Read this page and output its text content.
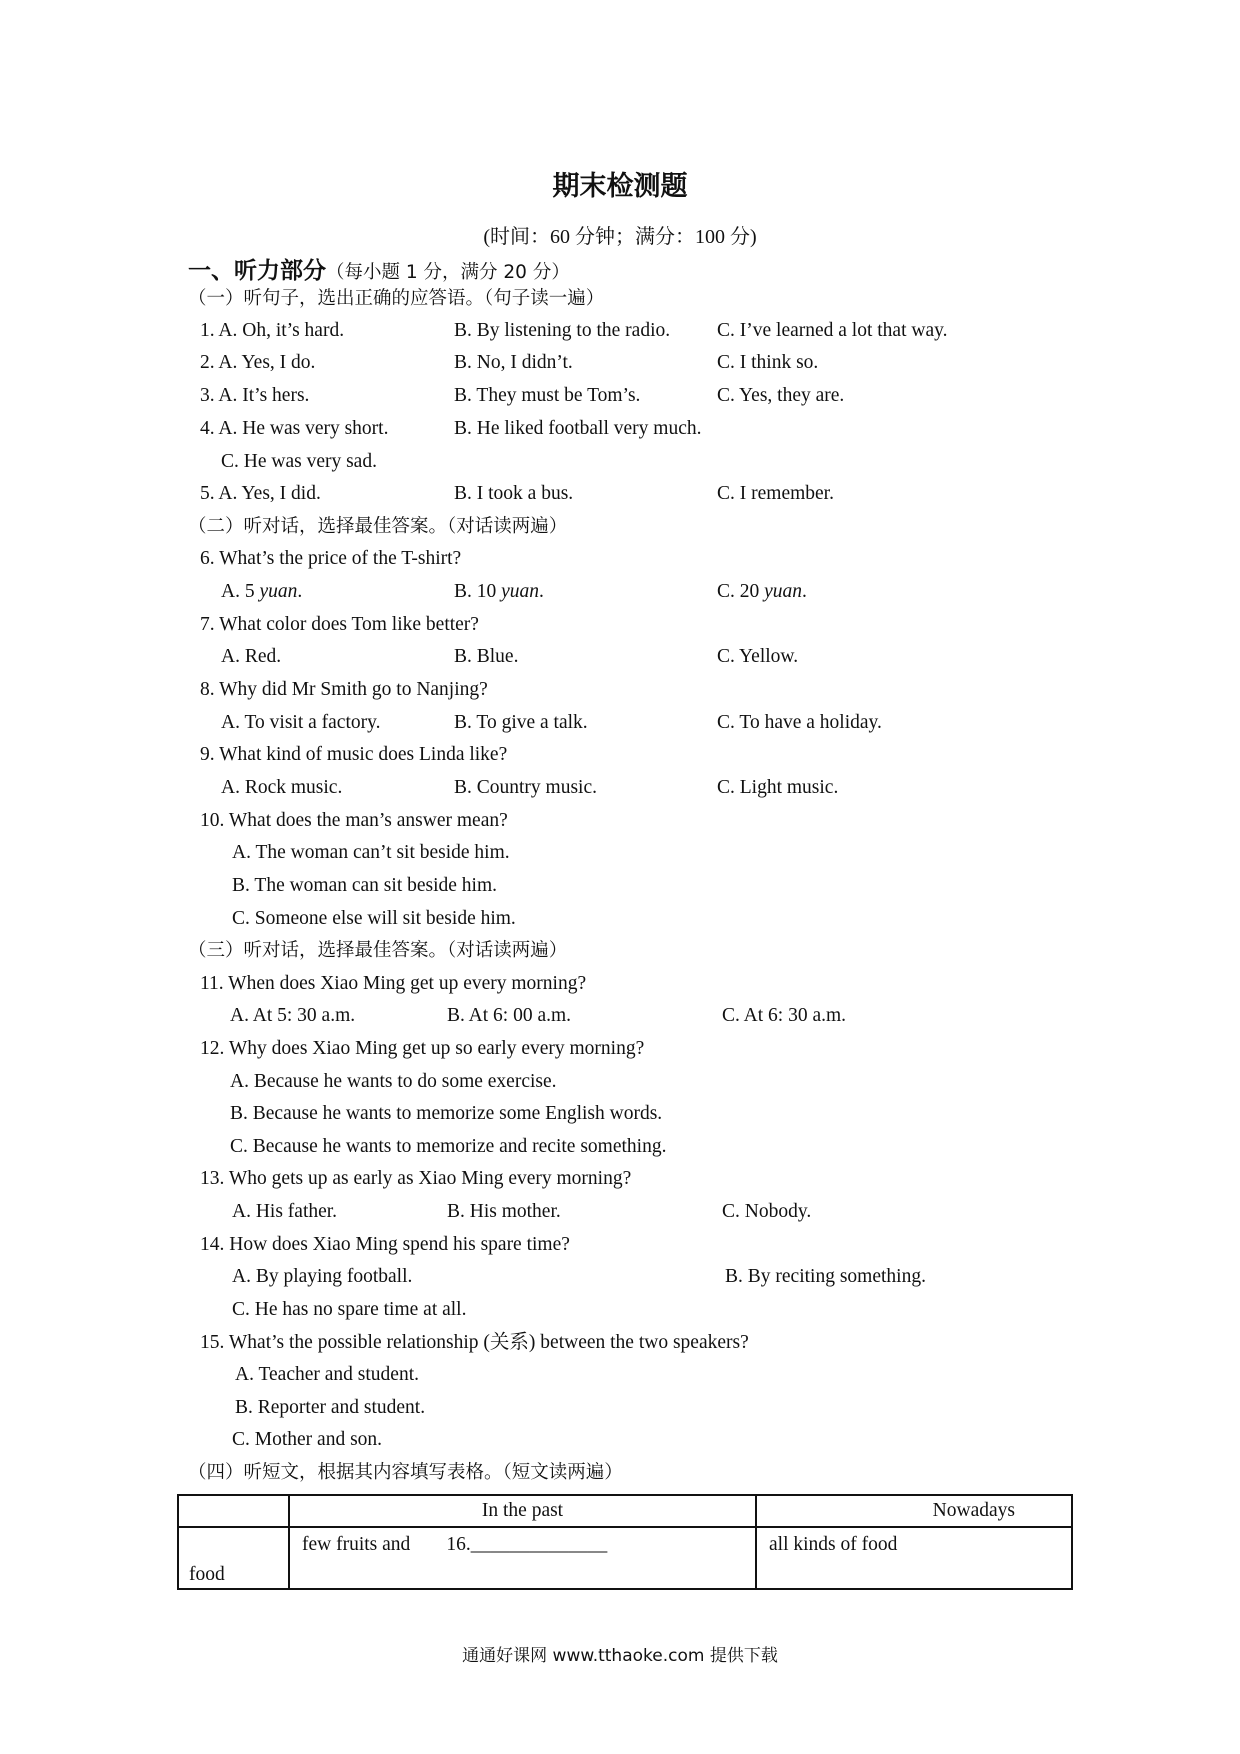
期末检测题
(时间：60 分钟；满分：100 分)
一、听力部分（每小题 1 分，满分 20 分）
（一）听句子，选出正确的应答语。（句子读一遍）
1. A. Oh, it’s hard.	B. By listening to the radio. C. I’ve learned a lot that way.
2. A. Yes, I do.	B. No, I didn’t.	C. I think so.
3. A. It’s hers.	B. They must be Tom’s.	C. Yes, they are.
4. A. He was very short.	B. He liked football very much.
C. He was very sad.
5. A. Yes, I did.	B. I took a bus.	C. I remember.
（二）听对话，选择最佳答案。（对话读两遍）
6. What’s the price of the T-shirt?
A. 5 yuan.	B. 10 yuan.	C. 20 yuan.
7. What color does Tom like better?
A. Red.	B. Blue.	C. Yellow.
8. Why did Mr Smith go to Nanjing?
A. To visit a factory.	B. To give a talk.	C. To have a holiday.
9. What kind of music does Linda like?
A. Rock music.	B. Country music.	C. Light music.
10. What does the man’s answer mean?
A. The woman can’t sit beside him.
B. The woman can sit beside him.
C. Someone else will sit beside him.
（三）听对话，选择最佳答案。（对话读两遍）
11. When does Xiao Ming get up every morning?
A. At 5: 30 a.m.	B. At 6: 00 a.m.	C. At 6: 30 a.m.
12. Why does Xiao Ming get up so early every morning?
A. Because he wants to do some exercise.
B. Because he wants to memorize some English words.
C. Because he wants to memorize and recite something.
13. Who gets up as early as Xiao Ming every morning?
A. His father.	B. His mother.	C. Nobody.
14. How does Xiao Ming spend his spare time?
A. By playing football.	B. By reciting something.
C. He has no spare time at all.
15. What’s the possible relationship (关系) between the two speakers?
A. Teacher and student.
B. Reporter and student.
C. Mother and son.
（四）听短文，根据其内容填写表格。（短文读两遍）
	In the past	Nowadays
food	few fruits and 16.______________	all kinds of food
通通好课网 www.tthaoke.com 提供下载
